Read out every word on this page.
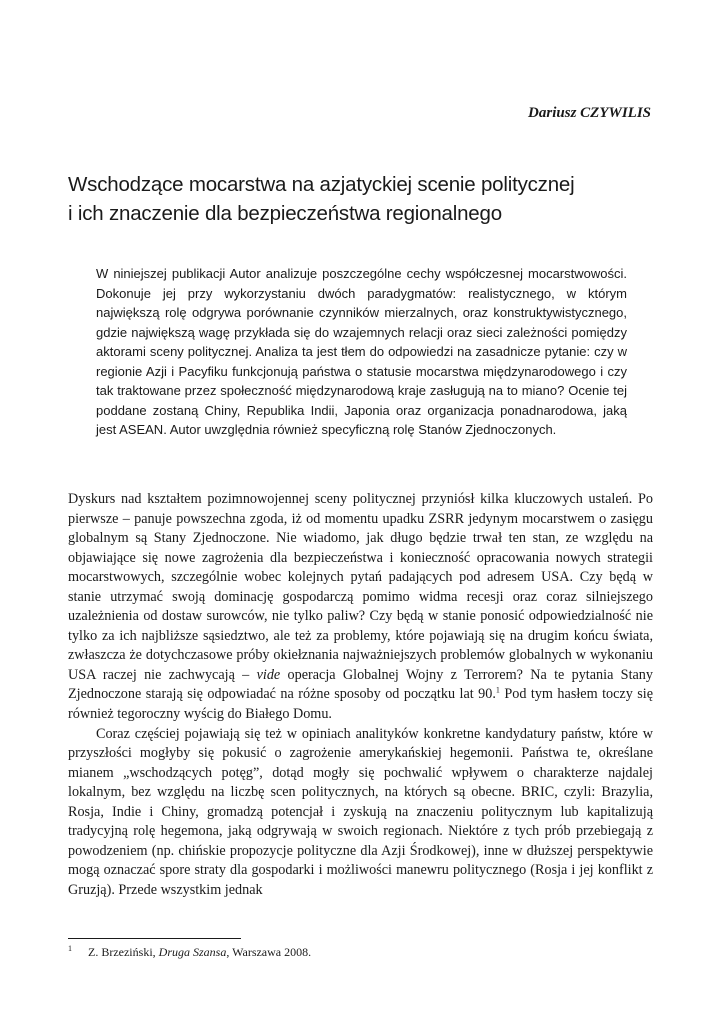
Dariusz CZYWILIS
Wschodzące mocarstwa na azjatyckiej scenie politycznej
i ich znaczenie dla bezpieczeństwa regionalnego

W niniejszej publikacji Autor analizuje poszczególne cechy współczesnej mocarstwowości. Dokonuje jej przy wykorzystaniu dwóch paradygmatów: realistycznego, w którym największą rolę odgrywa porównanie czynników mierzalnych, oraz konstruktywistycznego, gdzie największą wagę przykłada się do wzajemnych relacji oraz sieci zależności pomiędzy aktorami sceny politycznej. Analiza ta jest tłem do odpowiedzi na zasadnicze pytanie: czy w regionie Azji i Pacyfiku funkcjonują państwa o statusie mocarstwa międzynarodowego i czy tak traktowane przez społeczność międzynarodową kraje zasługują na to miano? Ocenie tej poddane zostaną Chiny, Republika Indii, Japonia oraz organizacja ponadnarodowa, jaką jest ASEAN. Autor uwzględnia również specyficzną rolę Stanów Zjednoczonych.

Dyskurs nad kształtem pozimnowojennej sceny politycznej przyniósł kilka kluczowych ustaleń. Po pierwsze – panuje powszechna zgoda, iż od momentu upadku ZSRR jedynym mocarstwem o zasięgu globalnym są Stany Zjednoczone. Nie wiadomo, jak długo będzie trwał ten stan, ze względu na objawiające się nowe zagrożenia dla bezpieczeństwa i konieczność opracowania nowych strategii mocarstwowych, szczególnie wobec kolejnych pytań padających pod adresem USA. Czy będą w stanie utrzymać swoją dominację gospodarczą pomimo widma recesji oraz coraz silniejszego uzależnienia od dostaw surowców, nie tylko paliw? Czy będą w stanie ponosić odpowiedzialność nie tylko za ich najbliższe sąsiedztwo, ale też za problemy, które pojawiają się na drugim końcu świata, zwłaszcza że dotychczasowe próby okiełznania najważniejszych problemów globalnych w wykonaniu USA raczej nie zachwycają – vide operacja Globalnej Wojny z Terrorem? Na te pytania Stany Zjednoczone starają się odpowiadać na różne sposoby od początku lat 90.$^1$ Pod tym hasłem toczy się również tegoroczny wyścig do Białego Domu.

Coraz częściej pojawiają się też w opiniach analityków konkretne kandydatury państw, które w przyszłości mogłyby się pokusić o zagrożenie amerykańskiej hegemonii. Państwa te, określane mianem „wschodzących potęg”, dotąd mogły się pochwalić wpływem o charakterze najdalej lokalnym, bez względu na liczbę scen politycznych, na których są obecne. BRIC, czyli: Brazylia, Rosja, Indie i Chiny, gromadzą potencjał i zyskują na znaczeniu politycznym lub kapitalizują tradycyjną rolę hegemona, jaką odgrywają w swoich regionach. Niektóre z tych prób przebiegają z powodzeniem (np. chińskie propozycje polityczne dla Azji Środkowej), inne w dłuższej perspektywie mogą oznaczać spore straty dla gospodarki i możliwości manewru politycznego (Rosja i jej konflikt z Gruzją). Przede wszystkim jednak

1 Z. Brzeziński, Druga Szansa, Warszawa 2008.
